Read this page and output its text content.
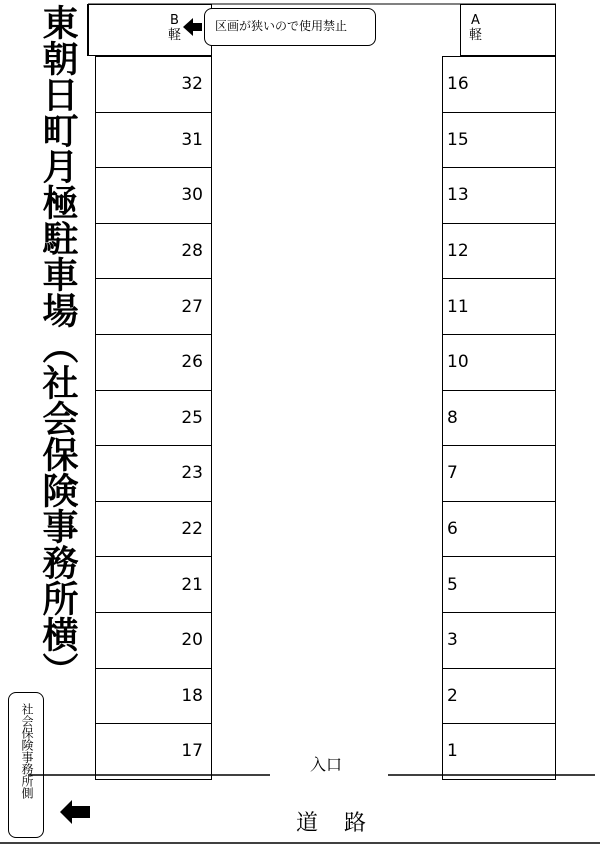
東朝日町月極駐車場（社会保険事務所横）	B
軽
区画が狭いので使用禁止	A
軽
32
31
30
28
27
26
25
23
22
21
20
18
17
16
15
13
12
11
10
8
7
6
5
3
2
1
入口
道　路
社会保険事務所側
